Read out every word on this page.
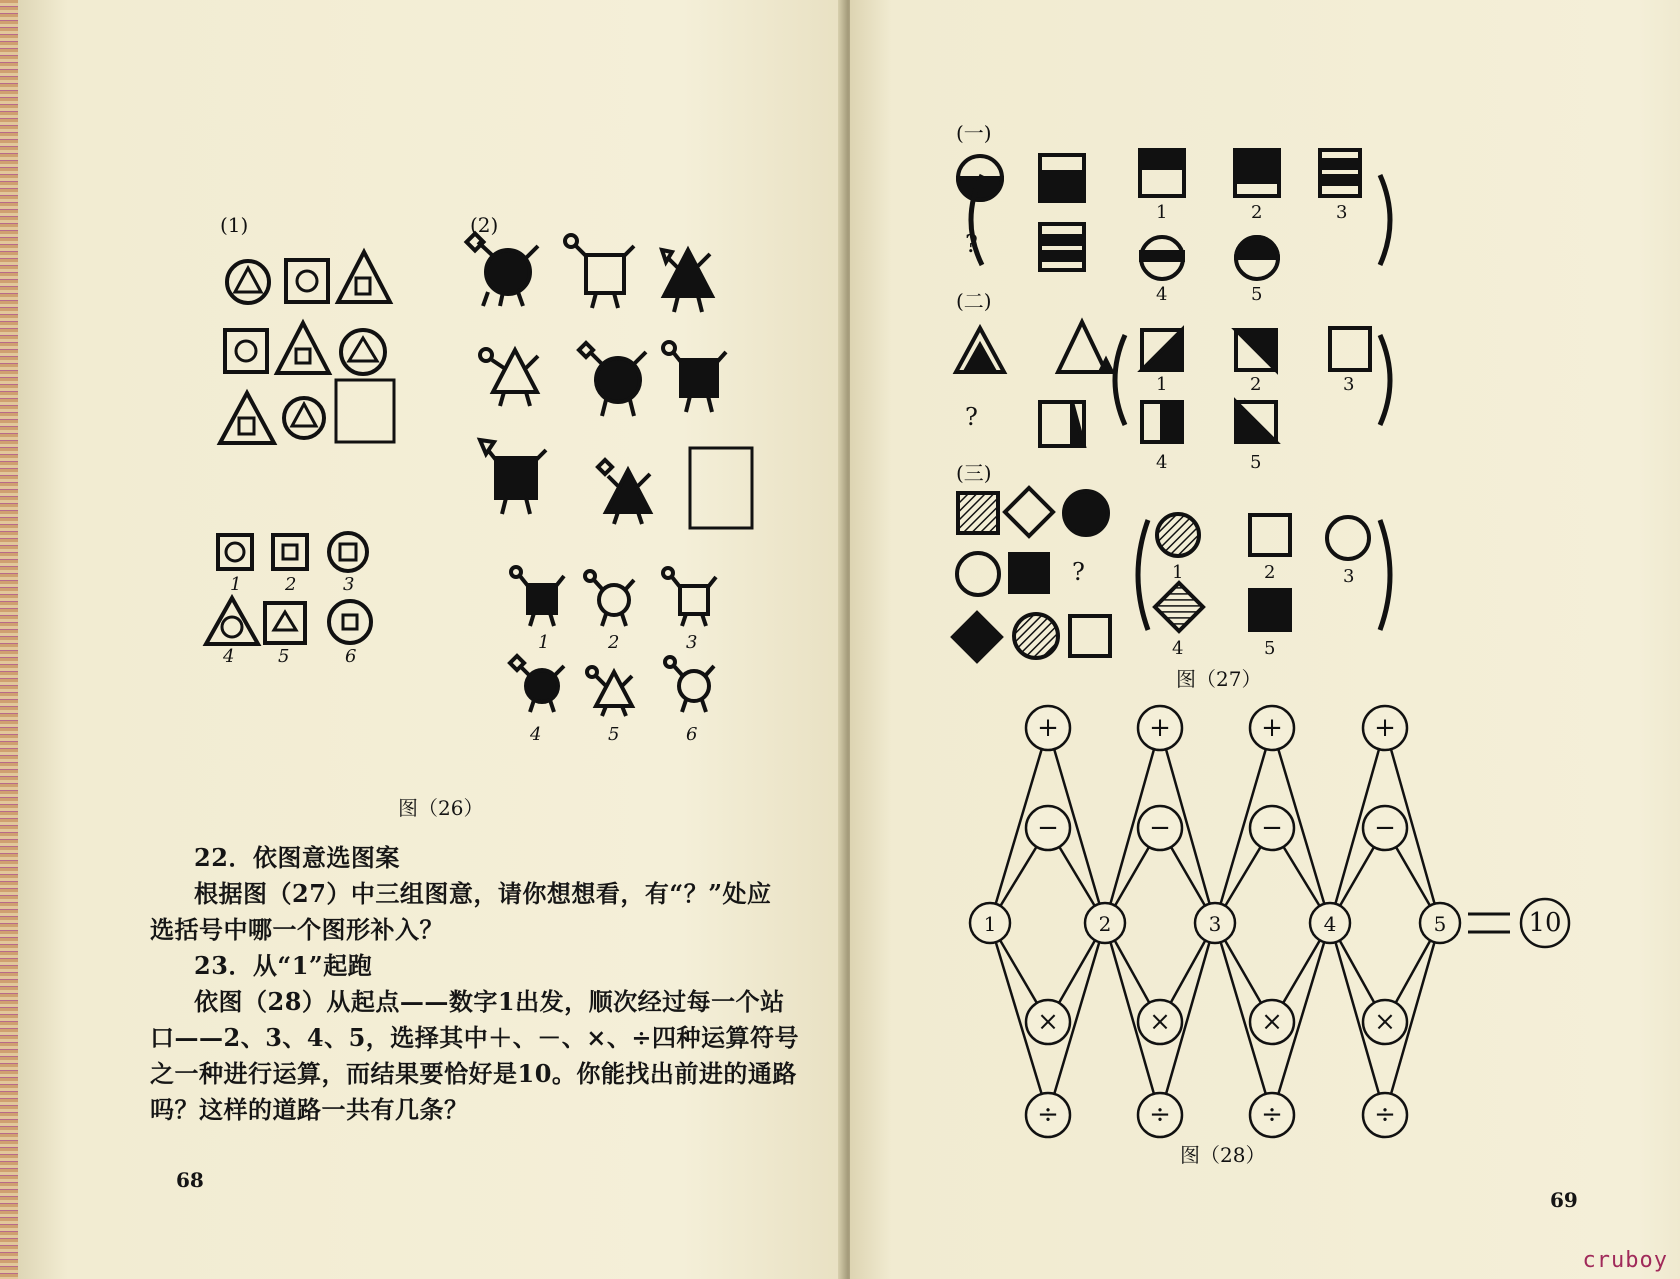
(1)
1 2	3
4 5	6
(2)
1	2	3
4	5	6
图（26）

22．依图意选图案

根据图（27）中三组图意，请你想想看，有“？”处应

选括号中哪一个图形补入？

23．从“1”起跑

依图（28）从起点——数字1出发，顺次经过每一个站

口——2、3、4、5，选择其中＋、－、×、÷四种运算符号

之一种进行运算，而结果要恰好是10。你能找出前进的通路

吗？这样的道路一共有几条？

68
(一)
(二)
(三)
?
?
?
1	2	3
4	5
1	2	3
4	5
1	2	3
4	5
图（27）
+
−
×
÷
+
−
×
÷
+
−
×
÷
+
−
×
÷
1	2	3	4	5	10
图（28）
69
cruboy
